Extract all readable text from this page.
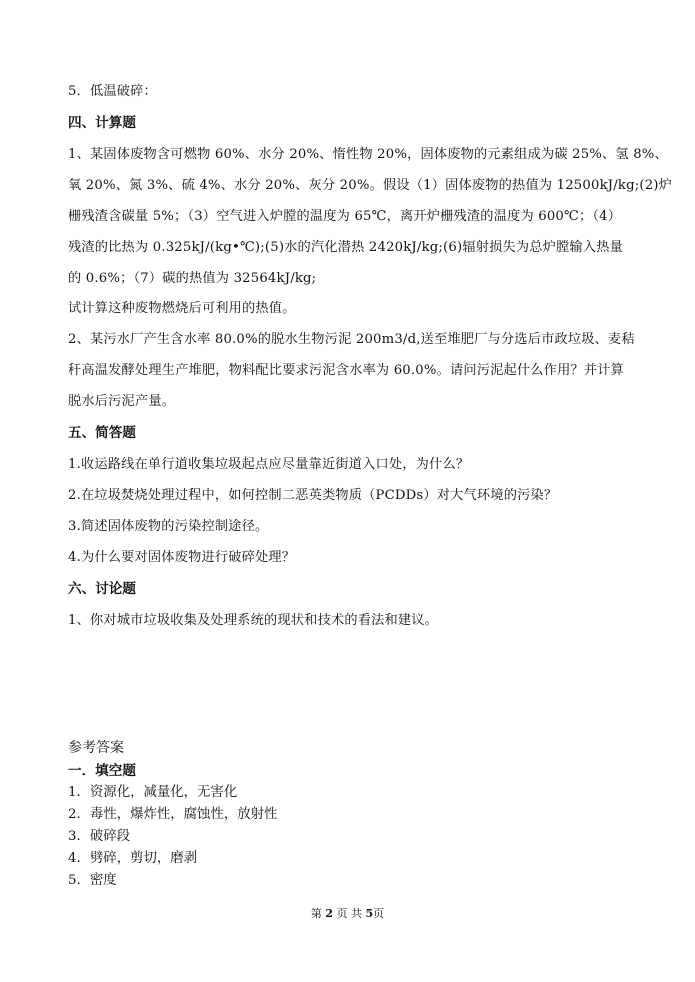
5．低温破碎：
四、计算题
1、某固体废物含可燃物 60%、水分 20%、惰性物 20%，固体废物的元素组成为碳 25%、氢 8%、
氧 20%、氮 3%、硫 4%、水分 20%、灰分 20%。假设（1）固体废物的热值为 12500kJ/kg;(2)炉
栅残渣含碳量 5%；（3）空气进入炉膛的温度为 65℃，离开炉栅残渣的温度为 600℃；（4）
残渣的比热为 0.325kJ/(kg•℃);(5)水的汽化潜热 2420kJ/kg;(6)辐射损失为总炉膛输入热量
的 0.6%；（7）碳的热值为 32564kJ/kg;
试计算这种废物燃烧后可利用的热值。
2、某污水厂产生含水率 80.0%的脱水生物污泥 200m3/d,送至堆肥厂与分选后市政垃圾、麦秸
秆高温发酵处理生产堆肥，物料配比要求污泥含水率为 60.0%。请问污泥起什么作用？并计算
脱水后污泥产量。
五、简答题
1.收运路线在单行道收集垃圾起点应尽量靠近街道入口处，为什么？
2.在垃圾焚烧处理过程中，如何控制二恶英类物质（PCDDs）对大气环境的污染？
3.简述固体废物的污染控制途径。
4.为什么要对固体废物进行破碎处理？
六、讨论题
1、你对城市垃圾收集及处理系统的现状和技术的看法和建议。
参考答案
一．填空题
1．资源化，减量化，无害化
2．毒性，爆炸性，腐蚀性，放射性
3．破碎段
4．劈碎，剪切，磨剥
5．密度
第 2 页 共 5页
